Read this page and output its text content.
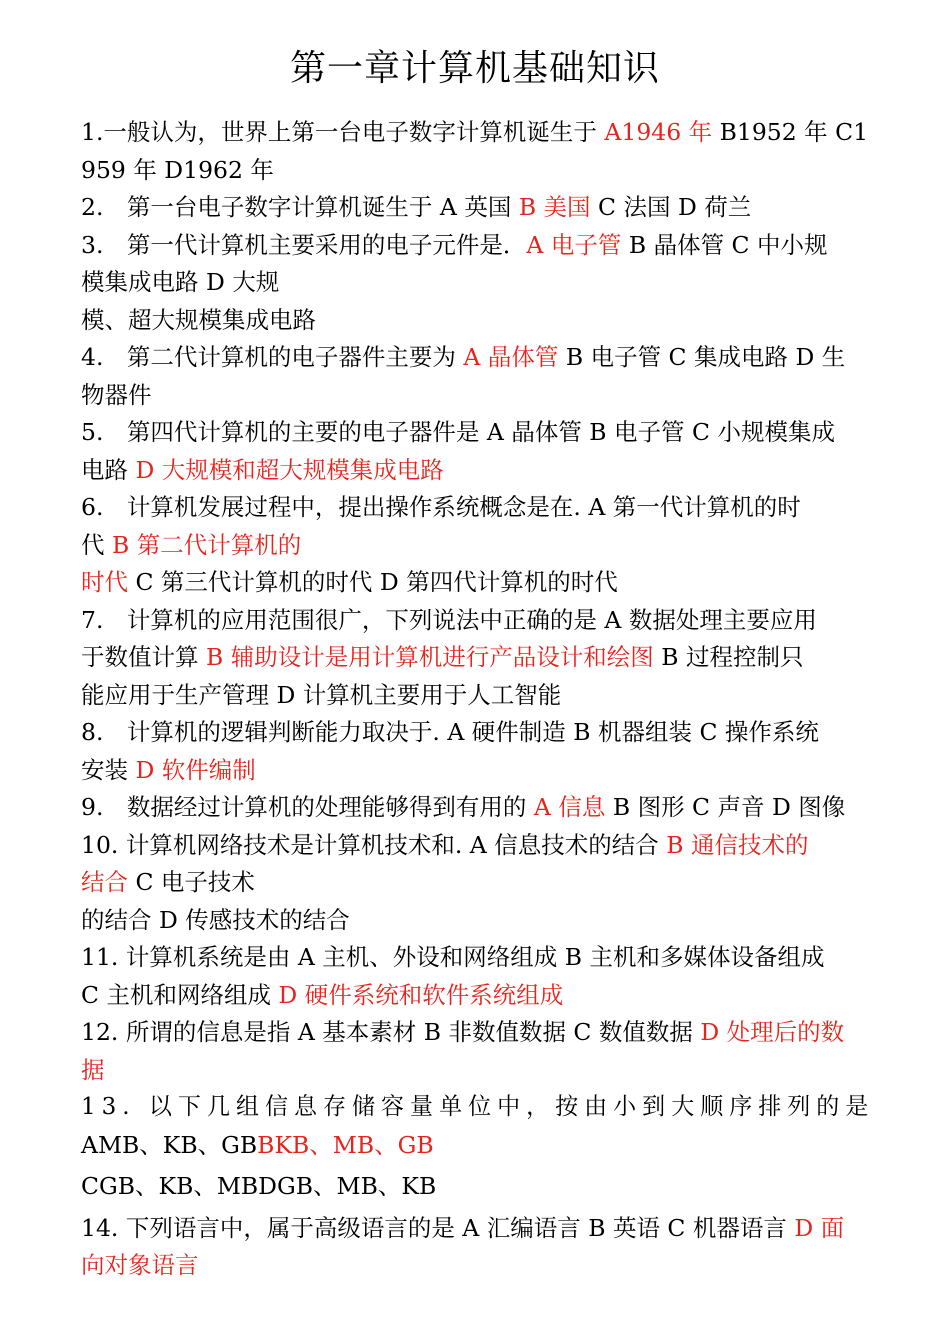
第一章计算机基础知识
1.一般认为，世界上第一台电子数字计算机诞生于 A1946 年 B1952 年 C1
959 年 D1962 年
2.　第一台电子数字计算机诞生于 A 英国 B 美国 C 法国 D 荷兰
3.　第一代计算机主要采用的电子元件是．A 电子管 B 晶体管 C 中小规
模集成电路 D 大规
模、超大规模集成电路
4.　第二代计算机的电子器件主要为 A 晶体管 B 电子管 C 集成电路 D 生
物器件
5.　第四代计算机的主要的电子器件是 A 晶体管 B 电子管 C 小规模集成
电路 D 大规模和超大规模集成电路
6.　计算机发展过程中，提出操作系统概念是在. A 第一代计算机的时
代 B 第二代计算机的
时代 C 第三代计算机的时代 D 第四代计算机的时代
7.　计算机的应用范围很广，下列说法中正确的是 A 数据处理主要应用
于数值计算 B 辅助设计是用计算机进行产品设计和绘图 B 过程控制只
能应用于生产管理 D 计算机主要用于人工智能
8.　计算机的逻辑判断能力取决于. A 硬件制造 B 机器组装 C 操作系统
安装 D 软件编制
9.　数据经过计算机的处理能够得到有用的 A 信息 B 图形 C 声音 D 图像
10. 计算机网络技术是计算机技术和. A 信息技术的结合 B 通信技术的
结合 C 电子技术
的结合 D 传感技术的结合
11. 计算机系统是由 A 主机、外设和网络组成 B 主机和多媒体设备组成
C 主机和网络组成 D 硬件系统和软件系统组成
12. 所谓的信息是指 A 基本素材 B 非数值数据 C 数值数据 D 处理后的数
据
13. 以下几组信息存储容量单位中，按由小到大顺序排列的是
AMB、KB、GBBKB、MB、GB
CGB、KB、MBDGB、MB、KB
14. 下列语言中，属于高级语言的是 A 汇编语言 B 英语 C 机器语言 D 面
向对象语言
